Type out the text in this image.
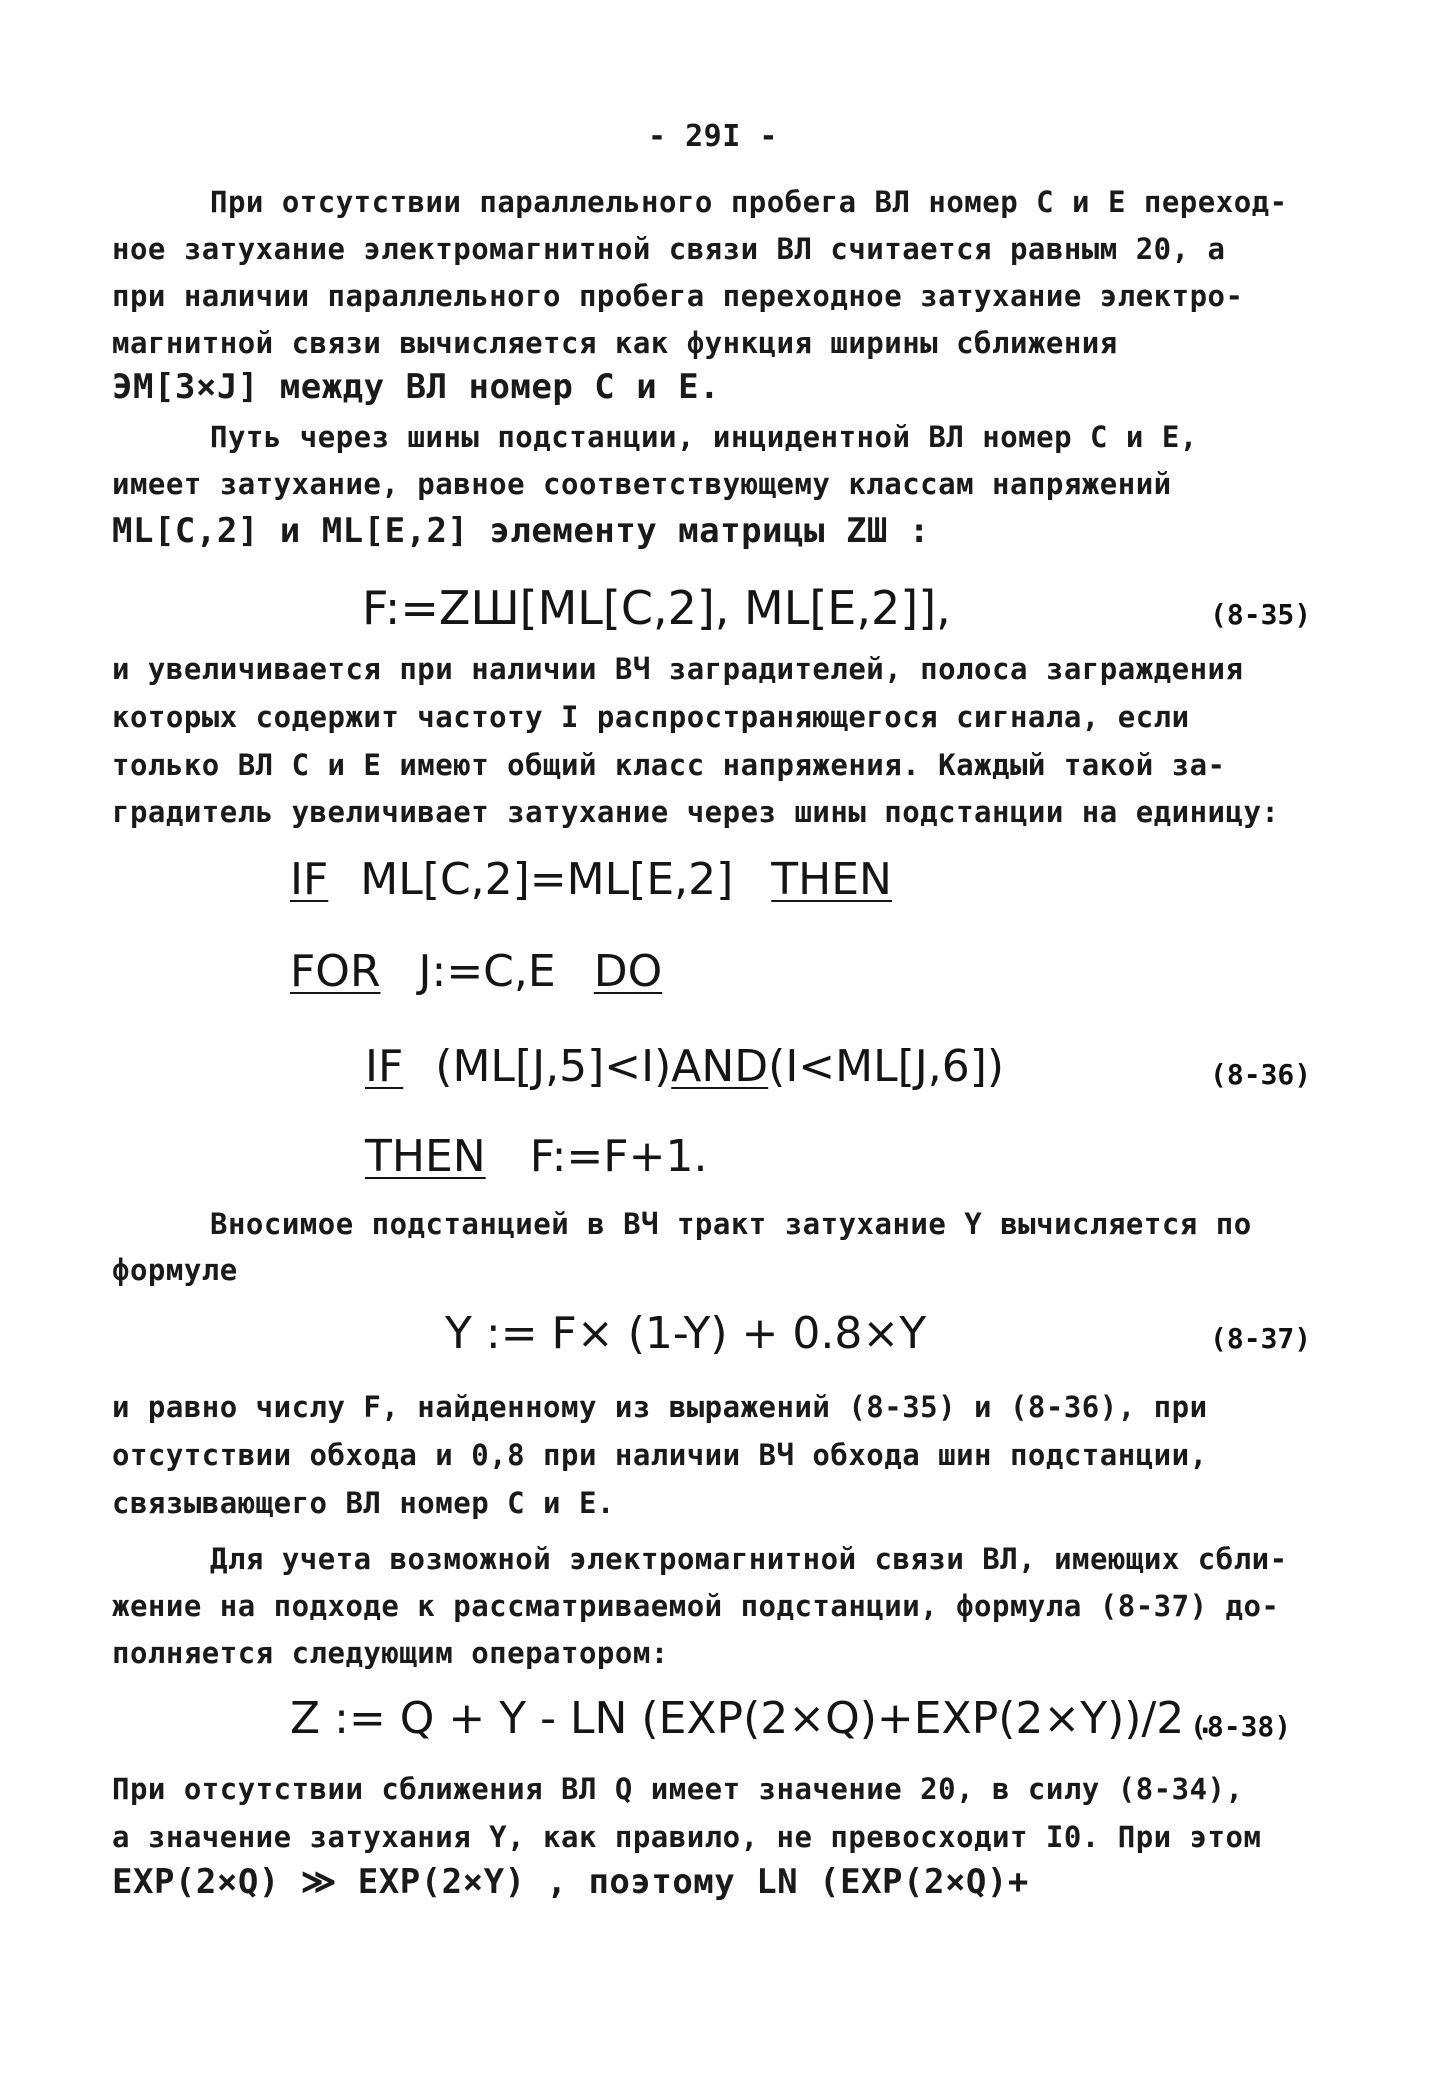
- 29I -
При отсутствии параллельного пробега ВЛ номер C и E переход-
ное затухание электромагнитной связи ВЛ считается равным 20, а
при наличии параллельного пробега переходное затухание электро-
магнитной связи вычисляется как функция ширины сближения
ЭМ[3×J] между ВЛ номер C и E.
Путь через шины подстанции, инцидентной ВЛ номер C и E,
имеет затухание, равное соответствующему классам напряжений
ML[C,2] и ML[E,2] элементу матрицы ZШ :
F:=ZШ[ML[C,2], ML[E,2]],	(8-35)
и увеличивается при наличии ВЧ заградителей, полоса заграждения
которых содержит частоту I распространяющегося сигнала, если
только ВЛ C и E имеют общий класс напряжения. Каждый такой за-
градитель увеличивает затухание через шины подстанции на единицу:
IF ML[C,2]=ML[E,2] THEN
FOR J:=C,E DO
IF (ML[J,5]<I)AND(I<ML[J,6])	(8-36)
THEN F:=F+1.
Вносимое подстанцией в ВЧ тракт затухание Y вычисляется по
формуле
Y := F× (1-Y) + 0.8×Y	(8-37)
и равно числу F, найденному из выражений (8-35) и (8-36), при
отсутствии обхода и 0,8 при наличии ВЧ обхода шин подстанции,
связывающего ВЛ номер C и E.
Для учета возможной электромагнитной связи ВЛ, имеющих сбли-
жение на подходе к рассматриваемой подстанции, формула (8-37) до-
полняется следующим оператором:
Z := Q + Y - LN (EXP(2×Q)+EXP(2×Y))/2 .
(8-38)
При отсутствии сближения ВЛ Q имеет значение 20, в силу (8-34),
а значение затухания Y, как правило, не превосходит I0. При этом
EXP(2×Q) ≫ EXP(2×Y) , поэтому LN (EXP(2×Q)+
